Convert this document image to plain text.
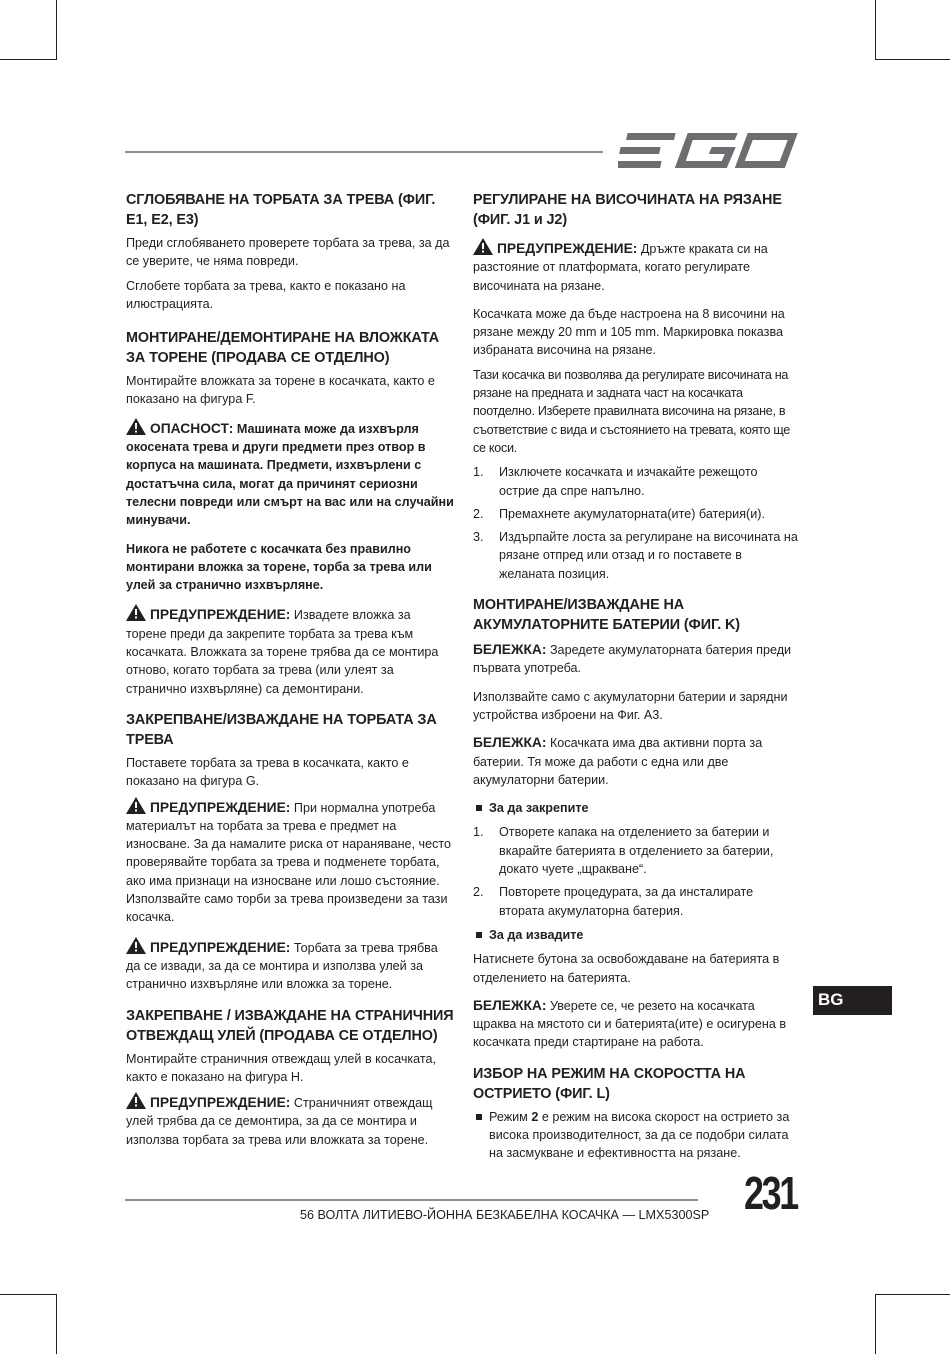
СГЛОБЯВАНЕ НА ТОРБАТА ЗА ТРЕВА (ФИГ. E1, E2, E3)

Преди сглобяването проверете торбата за трева, за да се уверите, че няма повреди.

Сглобете торбата за трева, както е показано на илюстрацията.

МОНТИРАНЕ/ДЕМОНТИРАНЕ НА ВЛОЖКАТА ЗА ТОРЕНЕ (ПРОДАВА СЕ ОТДЕЛНО)

Монтирайте вложката за торене в косачката, както е показано на фигура F.

ОПАСНОСТ: Машината може да изхвърля окосената трева и други предмети през отвор в корпуса на машината. Предмети, изхвърлени с достатъчна сила, могат да причинят сериозни телесни повреди или смърт на вас или на случайни минувачи.

Никога не работете с косачката без правилно монтирани вложка за торене, торба за трева или улей за странично изхвърляне.

ПРЕДУПРЕЖДЕНИЕ: Извадете вложка за торене преди да закрепите торбата за трева към косачката. Вложката за торене трябва да се монтира отново, когато торбата за трева (или улеят за странично изхвърляне) са демонтирани.

ЗАКРЕПВАНЕ/ИЗВАЖДАНЕ НА ТОРБАТА ЗА ТРЕВА

Поставете торбата за трева в косачката, както е показано на фигура G.

ПРЕДУПРЕЖДЕНИЕ: При нормална употреба материалът на торбата за трева е предмет на износване. За да намалите риска от нараняване, често проверявайте торбата за трева и подменете торбата, ако има признаци на износване или лошо състояние. Използвайте само торби за трева произведени за тази косачка.

ПРЕДУПРЕЖДЕНИЕ: Торбата за трева трябва да се извади, за да се монтира и използва улей за странично изхвърляне или вложка за торене.

ЗАКРЕПВАНЕ / ИЗВАЖДАНЕ НА СТРАНИЧНИЯ ОТВЕЖДАЩ УЛЕЙ (ПРОДАВА СЕ ОТДЕЛНО)

Монтирайте страничния отвеждащ улей в косачката, както е показано на фигура H.

ПРЕДУПРЕЖДЕНИЕ: Страничният отвеждащ улей трябва да се демонтира, за да се монтира и използва торбата за трева или вложката за торене.

РЕГУЛИРАНЕ НА ВИСОЧИНАТА НА РЯЗАНЕ (ФИГ. J1 и J2)

ПРЕДУПРЕЖДЕНИЕ: Дръжте краката си на разстояние от платформата, когато регулирате височината на рязане.

Косачката може да бъде настроена на 8 височини на рязане между 20 mm и 105 mm. Маркировка показва избраната височина на рязане.

Тази косачка ви позволява да регулирате височината на рязане на предната и задната част на косачката поотделно. Изберете правилната височина на рязане, в съответствие с вида и състоянието на тревата, която ще се коси.

1. Изключете косачката и изчакайте режещото острие да спре напълно.
2. Премахнете акумулаторната(ите) батерия(и).
3. Издърпайте лоста за регулиране на височината на рязане отпред или отзад и го поставете в желаната позиция.
МОНТИРАНЕ/ИЗВАЖДАНЕ НА АКУМУЛАТОРНИТЕ БАТЕРИИ (ФИГ. K)

БЕЛЕЖКА: Заредете акумулаторната батерия преди първата употреба.

Използвайте само с акумулаторни батерии и зарядни устройства изброени на Фиг. A3.

БЕЛЕЖКА: Косачката има два активни порта за батерии. Тя може да работи с една или две акумулаторни батерии.

За да закрепите
1. Отворете капака на отделението за батерии и вкарайте батерията в отделението за батерии, докато чуете „щракване“.
2. Повторете процедурата, за да инсталирате втората акумулаторна батерия.
За да извадите

Натиснете бутона за освобождаване на батерията в отделението на батерията.

БЕЛЕЖКА: Уверете се, че резето на косачката щраква на мястото си и батерията(ите) е осигурена в косачката преди стартиране на работа.

ИЗБОР НА РЕЖИМ НА СКОРОСТТА НА ОСТРИЕТО (ФИГ. L)
Режим 2 е режим на висока скорост на острието за висока производителност, за да се подобри силата на засмукване и ефективността на рязане.
BG
56 ВОЛТА ЛИТИЕВО-ЙОННА БЕЗКАБЕЛНА КОСАЧКА — LMX5300SP 231
